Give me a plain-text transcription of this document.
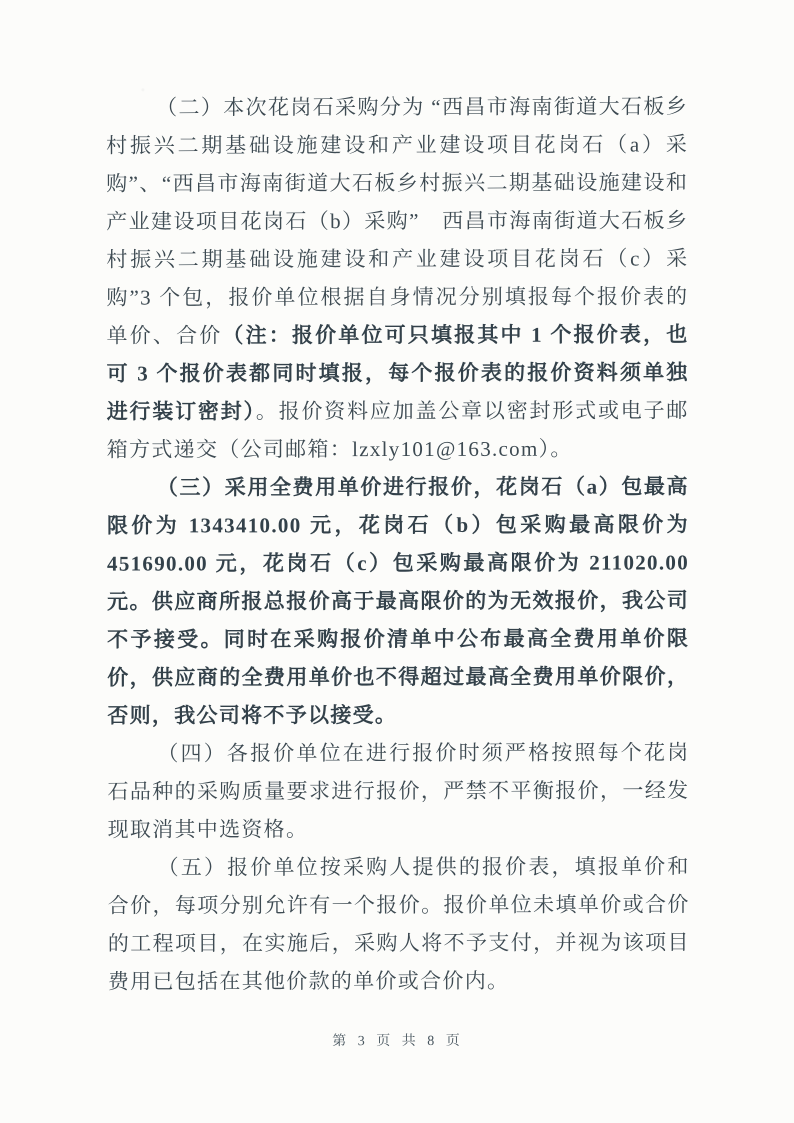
（二）本次花岗石采购分为 “西昌市海南街道大石板乡村振兴二期基础设施建设和产业建设项目花岗石（a）采购”、“西昌市海南街道大石板乡村振兴二期基础设施建设和产业建设项目花岗石（b）采购”　西昌市海南街道大石板乡村振兴二期基础设施建设和产业建设项目花岗石（c）采购”3 个包，报价单位根据自身情况分别填报每个报价表的单价、合价（注：报价单位可只填报其中 1 个报价表，也可 3 个报价表都同时填报，每个报价表的报价资料须单独进行装订密封）。报价资料应加盖公章以密封形式或电子邮箱方式递交（公司邮箱：lzxly101@163.com）。

（三）采用全费用单价进行报价，花岗石（a）包最高限价为 1343410.00 元，花岗石（b）包采购最高限价为 451690.00 元，花岗石（c）包采购最高限价为 211020.00 元。供应商所报总报价高于最高限价的为无效报价，我公司不予接受。同时在采购报价清单中公布最高全费用单价限价，供应商的全费用单价也不得超过最高全费用单价限价，否则，我公司将不予以接受。

（四）各报价单位在进行报价时须严格按照每个花岗石品种的采购质量要求进行报价，严禁不平衡报价，一经发现取消其中选资格。

（五）报价单位按采购人提供的报价表，填报单价和合价，每项分别允许有一个报价。报价单位未填单价或合价的工程项目，在实施后，采购人将不予支付，并视为该项目费用已包括在其他价款的单价或合价内。

第 3 页 共 8 页
